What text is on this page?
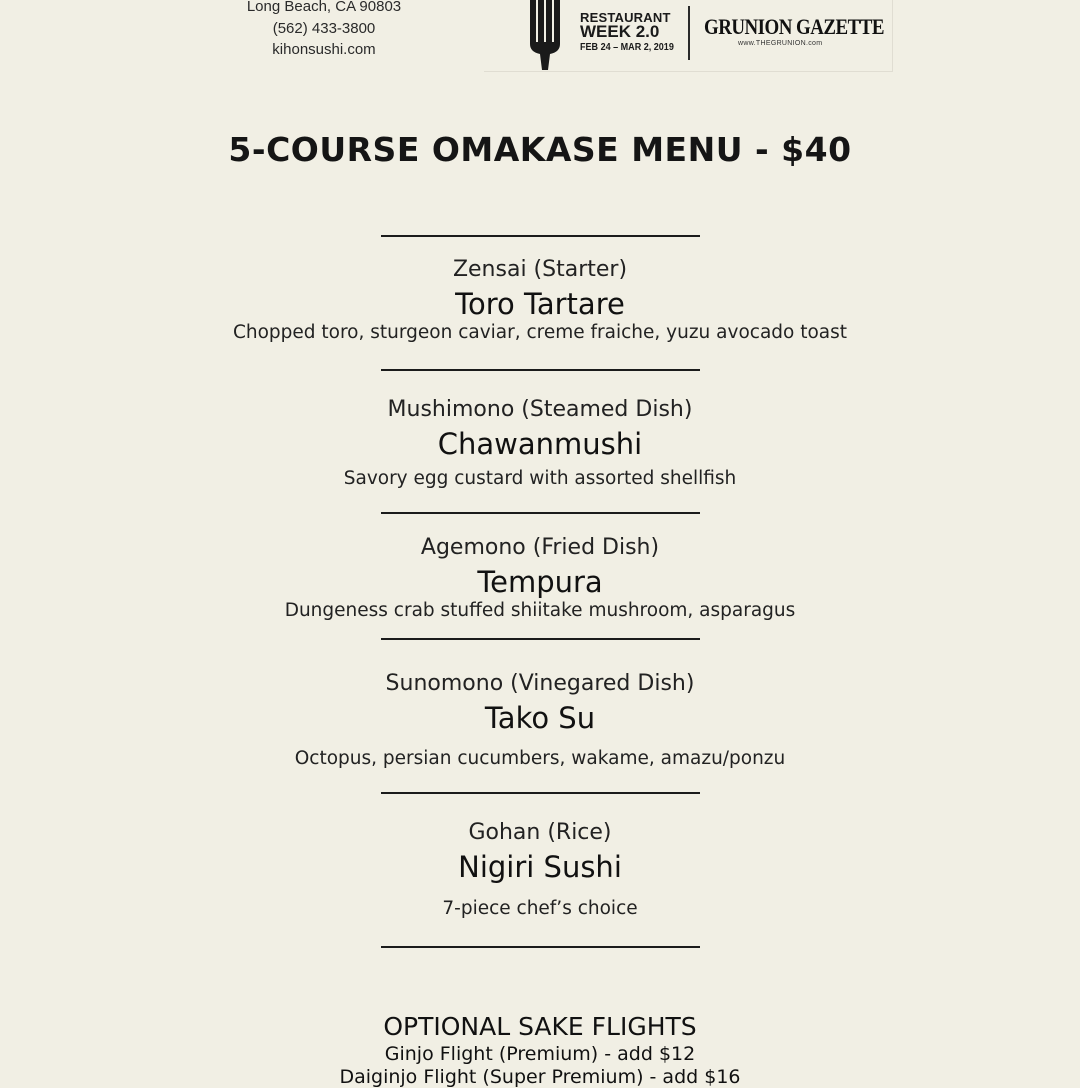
Long Beach, CA 90803
(562) 433-3800
kihonsushi.com
RESTAURANT
WEEK 2.0
FEB 24 – MAR 2, 2019
GRUNION GAZETTE
www.THEGRUNION.com
5-COURSE OMAKASE MENU - $40
Zensai (Starter)
Toro Tartare
Chopped toro, sturgeon caviar, creme fraiche, yuzu avocado toast
Mushimono (Steamed Dish)
Chawanmushi
Savory egg custard with assorted shellfish
Agemono (Fried Dish)
Tempura
Dungeness crab stuffed shiitake mushroom, asparagus
Sunomono (Vinegared Dish)
Tako Su
Octopus, persian cucumbers, wakame, amazu/ponzu
Gohan (Rice)
Nigiri Sushi
7-piece chef’s choice
OPTIONAL SAKE FLIGHTS
Ginjo Flight (Premium) - add $12
Daiginjo Flight (Super Premium) - add $16
